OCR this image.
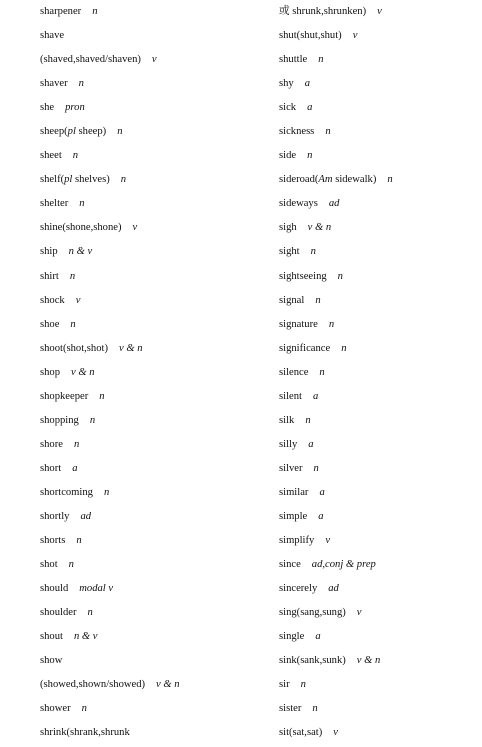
sharpener n
shave
(shaved,shaved/shaven) v
shaver n
she pron
sheep(pl sheep) n
sheet n
shelf(pl shelves) n
shelter n
shine(shone,shone) v
ship n & v
shirt n
shock v
shoe n
shoot(shot,shot) v & n
shop v & n
shopkeeper n
shopping n
shore n
short a
shortcoming n
shortly ad
shorts n
shot n
should modal v
shoulder n
shout n & v
show
(showed,shown/showed) v & n
shower n
shrink(shrank,shrunk
或 shrunk,shrunken) v
shut(shut,shut) v
shuttle n
shy a
sick a
sickness n
side n
sideroad(Am sidewalk) n
sideways ad
sigh v & n
sight n
sightseeing n
signal n
signature n
significance n
silence n
silent a
silk n
silly a
silver n
similar a
simple a
simplify v
since ad,conj & prep
sincerely ad
sing(sang,sung) v
single a
sink(sank,sunk) v & n
sir n
sister n
sit(sat,sat) v
